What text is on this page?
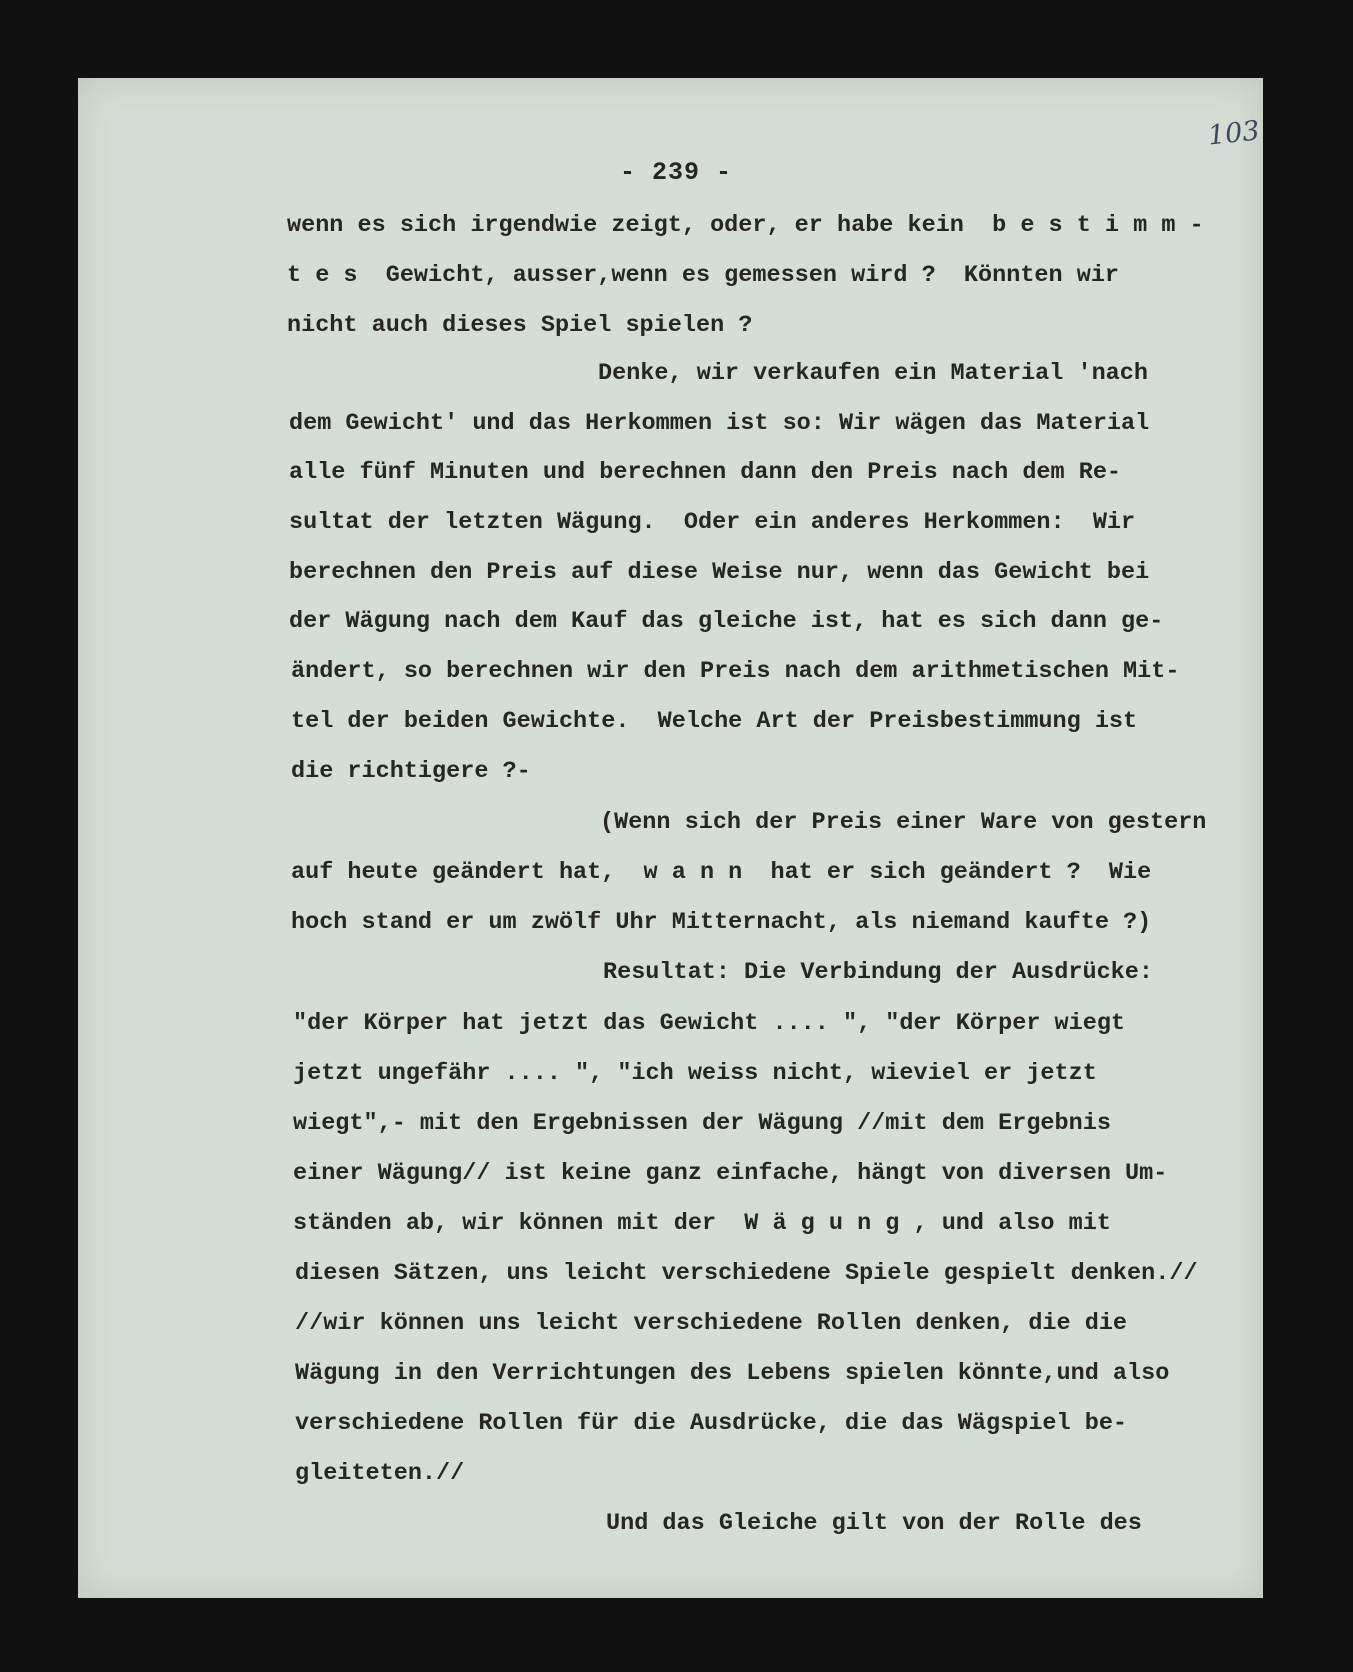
103
- 239 -
wenn es sich irgendwie zeigt, oder, er habe kein  b e s t i m m -
t e s  Gewicht, ausser,wenn es gemessen wird ?  Könnten wir
nicht auch dieses Spiel spielen ?
Denke, wir verkaufen ein Material 'nach
dem Gewicht' und das Herkommen ist so: Wir wägen das Material
alle fünf Minuten und berechnen dann den Preis nach dem Re-
sultat der letzten Wägung.  Oder ein anderes Herkommen:  Wir
berechnen den Preis auf diese Weise nur, wenn das Gewicht bei
der Wägung nach dem Kauf das gleiche ist, hat es sich dann ge-
ändert, so berechnen wir den Preis nach dem arithmetischen Mit-
tel der beiden Gewichte.  Welche Art der Preisbestimmung ist
die richtigere ?-
(Wenn sich der Preis einer Ware von gestern
auf heute geändert hat,  w a n n  hat er sich geändert ?  Wie
hoch stand er um zwölf Uhr Mitternacht, als niemand kaufte ?)
Resultat: Die Verbindung der Ausdrücke:
"der Körper hat jetzt das Gewicht .... ", "der Körper wiegt
jetzt ungefähr .... ", "ich weiss nicht, wieviel er jetzt
wiegt",- mit den Ergebnissen der Wägung //mit dem Ergebnis
einer Wägung// ist keine ganz einfache, hängt von diversen Um-
ständen ab, wir können mit der  W ä g u n g , und also mit
diesen Sätzen, uns leicht verschiedene Spiele gespielt denken.//
//wir können uns leicht verschiedene Rollen denken, die die
Wägung in den Verrichtungen des Lebens spielen könnte,und also
verschiedene Rollen für die Ausdrücke, die das Wägspiel be-
gleiteten.//
Und das Gleiche gilt von der Rolle des
